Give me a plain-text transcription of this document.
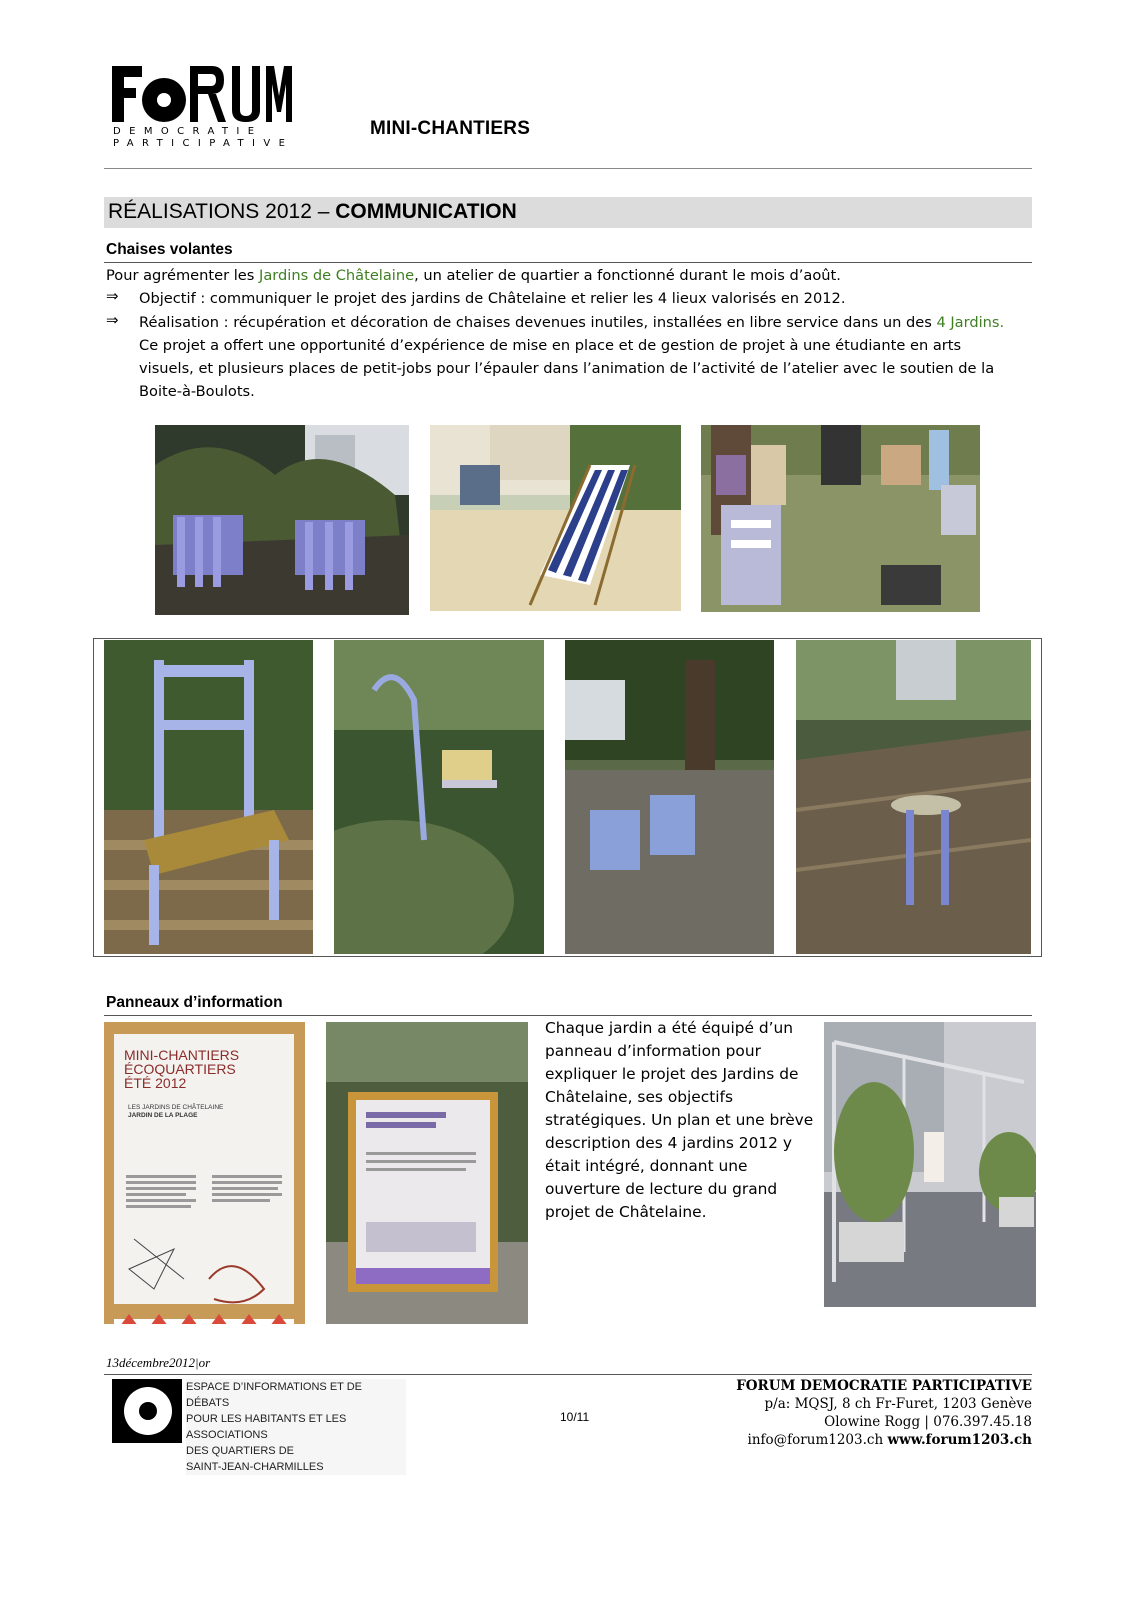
DEMOCRATIE
PARTICIPATIVE
MINI-CHANTIERS
RÉALISATIONS 2012 – COMMUNICATION
Chaises volantes
Pour agrémenter les Jardins de Châtelaine, un atelier de quartier a fonctionné durant le mois d’août.
⇒ Objectif : communiquer le projet des jardins de Châtelaine et relier les 4 lieux valorisés en 2012.
⇒ Réalisation : récupération et décoration de chaises devenues inutiles, installées en libre service dans un des 4 Jardins.
Ce projet a offert une opportunité d’expérience de mise en place et de gestion de projet à une étudiante en arts
visuels, et plusieurs places de petit-jobs pour l’épauler dans l’animation de l’activité de l’atelier avec le soutien de la
Boite-à-Boulots.
Panneaux d’information
MINI-CHANTIERS
ÉCOQUARTIERS
ÉTÉ 2012
LES JARDINS DE CHÂTELAINE
JARDIN DE LA PLAGE
Chaque jardin a été équipé d’un
panneau d’information pour
expliquer le projet des Jardins de
Châtelaine, ses objectifs
stratégiques. Un plan et une brève
description des 4 jardins 2012 y
était intégré, donnant une
ouverture de lecture du grand
projet de Châtelaine.
13décembre2012|or
ESPACE D’INFORMATIONS ET DE DÉBATS
POUR LES HABITANTS ET LES ASSOCIATIONS
DES QUARTIERS DE
SAINT-JEAN-CHARMILLES
10/11
FORUM DEMOCRATIE PARTICIPATIVE
p/a: MQSJ, 8 ch Fr-Furet, 1203 Genève
Olowine Rogg | 076.397.45.18
info@forum1203.ch www.forum1203.ch
